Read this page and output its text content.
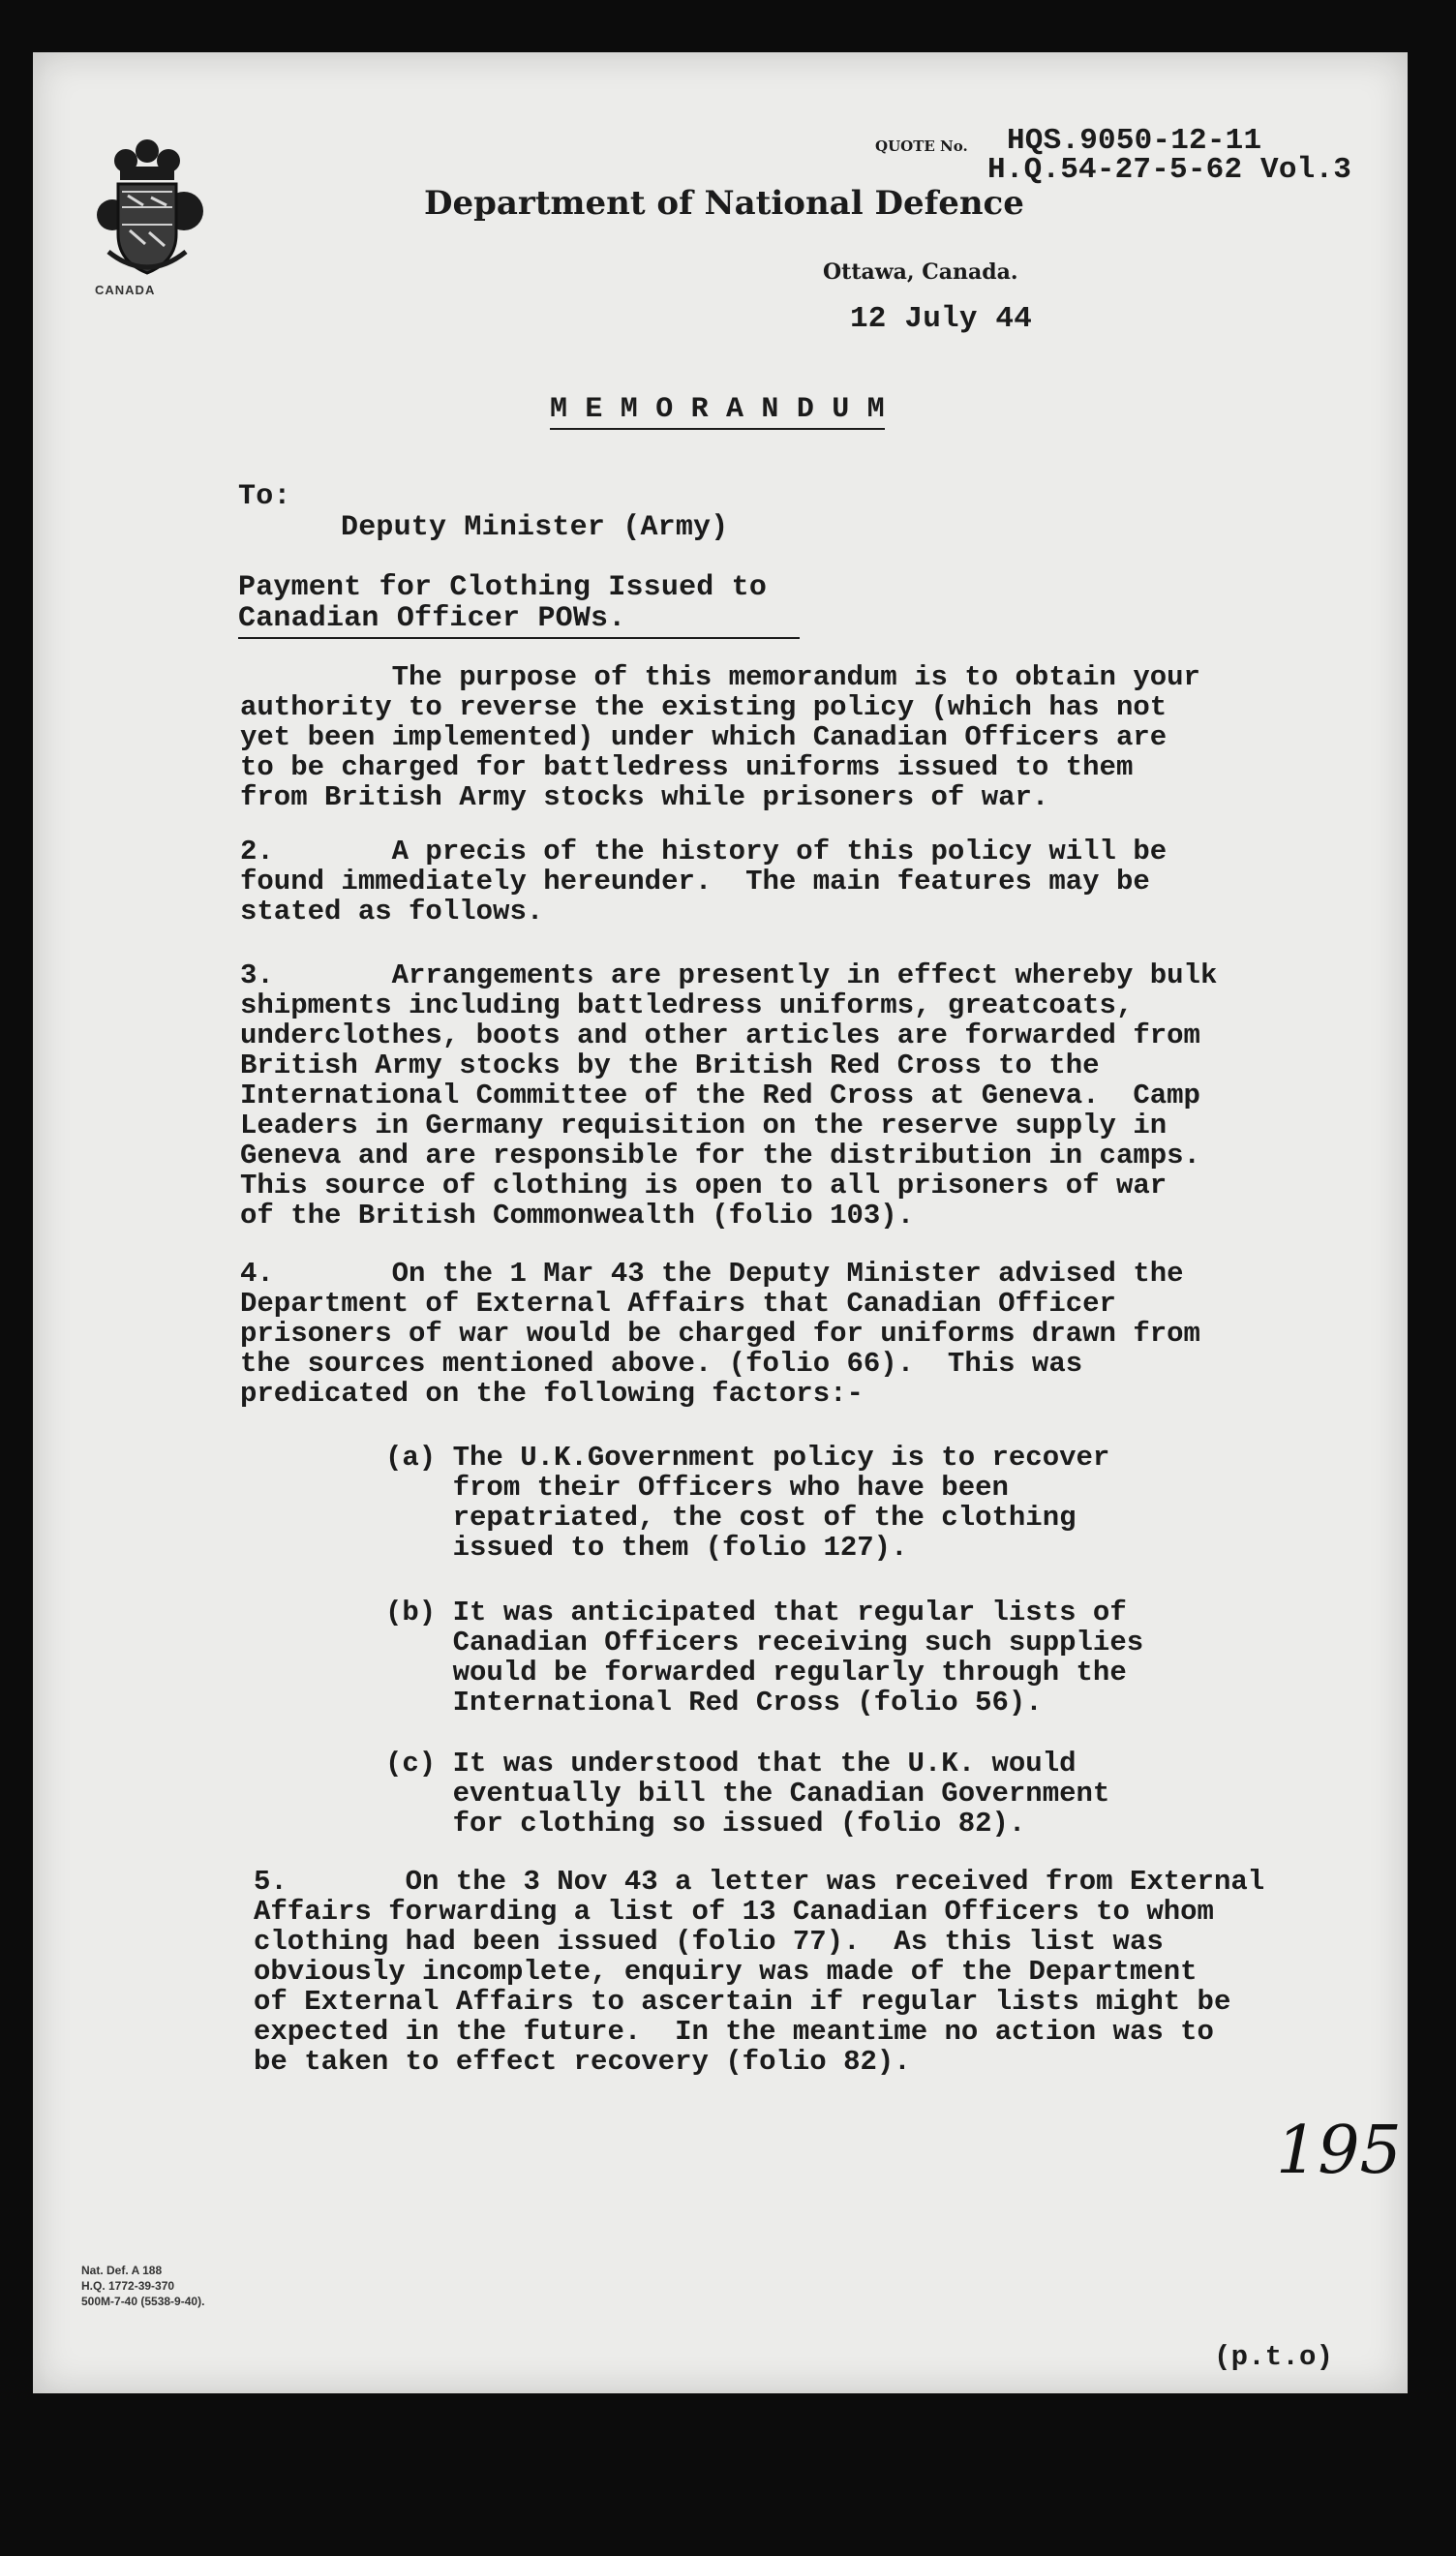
CANADA
QUOTE No. HQS.9050-12-11
H.Q.54-27-5-62 Vol.3
Department of National Defence
Ottawa, Canada.
12 July 44
M E M O R A N D U M
To:
Deputy Minister (Army)
Payment for Clothing Issued to
Canadian Officer POWs.
The purpose of this memorandum is to obtain your
authority to reverse the existing policy (which has not
yet been implemented) under which Canadian Officers are
to be charged for battledress uniforms issued to them
from British Army stocks while prisoners of war.
2.       A precis of the history of this policy will be
found immediately hereunder.  The main features may be
stated as follows.
3.       Arrangements are presently in effect whereby bulk
shipments including battledress uniforms, greatcoats,
underclothes, boots and other articles are forwarded from
British Army stocks by the British Red Cross to the
International Committee of the Red Cross at Geneva.  Camp
Leaders in Germany requisition on the reserve supply in
Geneva and are responsible for the distribution in camps.
This source of clothing is open to all prisoners of war
of the British Commonwealth (folio 103).
4.       On the 1 Mar 43 the Deputy Minister advised the
Department of External Affairs that Canadian Officer
prisoners of war would be charged for uniforms drawn from
the sources mentioned above. (folio 66).  This was
predicated on the following factors:-
(a) The U.K.Government policy is to recover
from their Officers who have been
repatriated, the cost of the clothing
issued to them (folio 127).
(b) It was anticipated that regular lists of
Canadian Officers receiving such supplies
would be forwarded regularly through the
International Red Cross (folio 56).
(c) It was understood that the U.K. would
eventually bill the Canadian Government
for clothing so issued (folio 82).
5.       On the 3 Nov 43 a letter was received from External
Affairs forwarding a list of 13 Canadian Officers to whom
clothing had been issued (folio 77).  As this list was
obviously incomplete, enquiry was made of the Department
of External Affairs to ascertain if regular lists might be
expected in the future.  In the meantime no action was to
be taken to effect recovery (folio 82).
195
Nat. Def. A 188
H.Q. 1772-39-370
500M-7-40 (5538-9-40).
(p.t.o)
